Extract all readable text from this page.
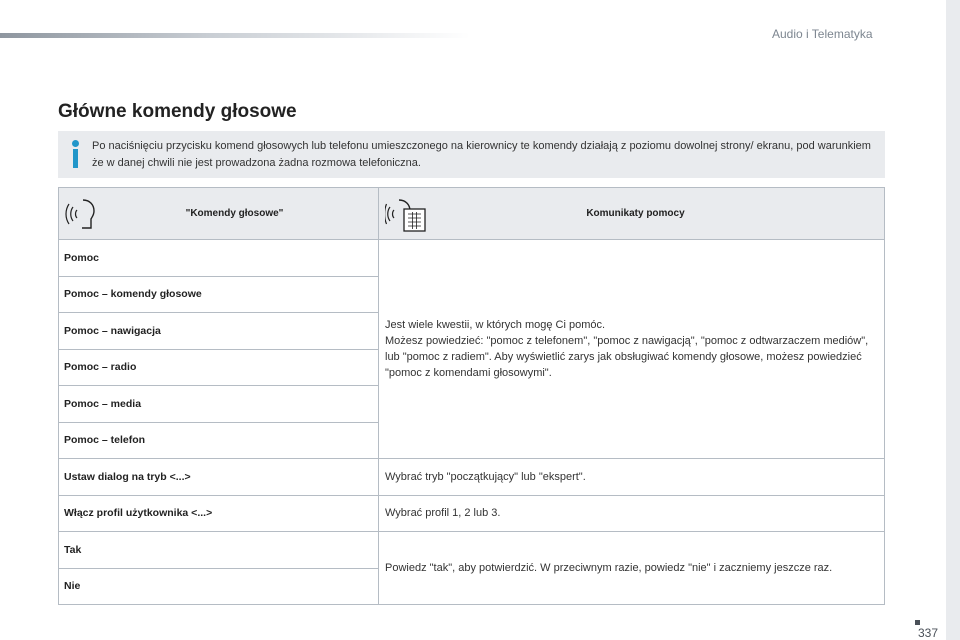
Audio i Telematyka
Główne komendy głosowe

Po naciśnięciu przycisku komend głosowych lub telefonu umieszczonego na kierownicy te komendy działają z poziomu dowolnej strony/ ekranu, pod warunkiem że w danej chwili nie jest prowadzona żadna rozmowa telefoniczna.

"Komendy głosowe"	Komunikaty pomocy

Pomoc	Jest wiele kwestii, w których mogę Ci pomóc.
Możesz powiedzieć: "pomoc z telefonem", "pomoc z nawigacją", "pomoc z odtwarzaczem mediów", lub "pomoc z radiem". Aby wyświetlić zarys jak obsługiwać komendy głosowe, możesz powiedzieć "pomoc z komendami głosowymi".

Pomoc – komendy głosowe	
Pomoc – nawigacja	
Pomoc – radio	
Pomoc – media	
Pomoc – telefon	
Ustaw dialog na tryb <...>	Wybrać tryb "początkujący" lub "ekspert".
Włącz profil użytkownika <...>	Wybrać profil 1, 2 lub 3.
Tak	Powiedz "tak", aby potwierdzić. W przeciwnym razie, powiedz "nie" i zaczniemy jeszcze raz.
Nie	
337
